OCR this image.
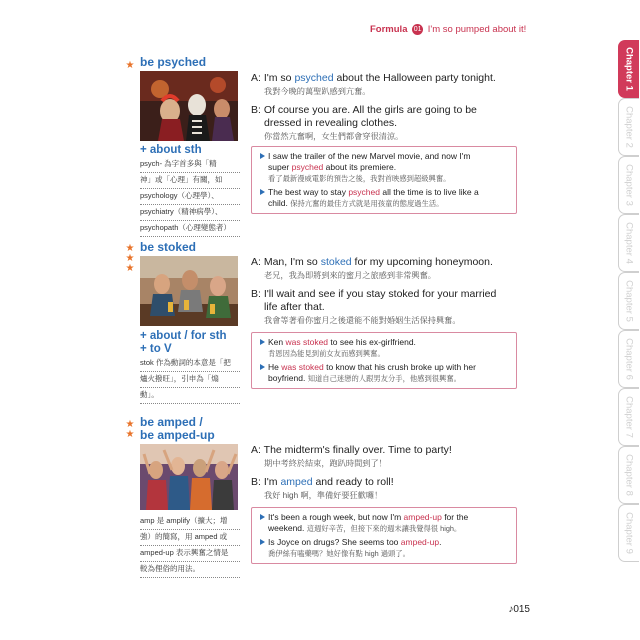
Formula 01 I'm so pumped about it!
Chapter 1
Chapter 2
Chapter 3
Chapter 4
Chapter 5
Chapter 6
Chapter 7
Chapter 8
Chapter 9
★ be psyched
+ about sth
psych- 為字首多與「精
神」或「心理」有關，如
psychology（心理學）、
psychiatry（精神病學）、
psychopath（心理變態者）
A: I'm so psyched about the Halloween party tonight.
我對今晚的萬聖趴感到亢奮。
B: Of course you are. All the girls are going to be
dressed in revealing clothes.
你當然亢奮啊，女生們都會穿很清涼。
I saw the trailer of the new Marvel movie, and now I'm
super psyched about its premiere.
看了最新漫威電影的預告之後，我對首映感到超級興奮。
The best way to stay psyched all the time is to live like a
child. 保持亢奮的最佳方式就是用孩童的態度過生活。
★
★
★
be stoked
+ about / for sth
+ to V
stok 作為動詞的本意是「把
爐火撥旺」，引申為「煽
動」。
A: Man, I'm so stoked for my upcoming honeymoon.
老兄，我為即將到來的蜜月之旅感到非常興奮。
B: I'll wait and see if you stay stoked for your married
life after that.
我會等著看你蜜月之後還能不能對婚姻生活保持興奮。
Ken was stoked to see his ex-girlfriend.
肯恩因為能見到前女友而感到興奮。
He was stoked to know that his crush broke up with her
boyfriend. 知道自己迷戀的人跟男友分手，他感到很興奮。
★
★
be amped /
be amped-up
amp 是 amplify（擴大；增
強）的簡寫，用 amped 或
amped-up 表示興奮之情是
較為俚俗的用法。
A: The midterm's finally over. Time to party!
期中考終於結束，跑趴時間到了！
B: I'm amped and ready to roll!
我好 high 啊，準備好要狂歡囉！
It's been a rough week, but now I'm amped-up for the
weekend. 這週好辛苦，但接下來的週末讓我覺得很 high。
Is Joyce on drugs? She seems too amped-up.
喬伊絲有嗑藥嗎？她好像有點 high 過頭了。
♪015
